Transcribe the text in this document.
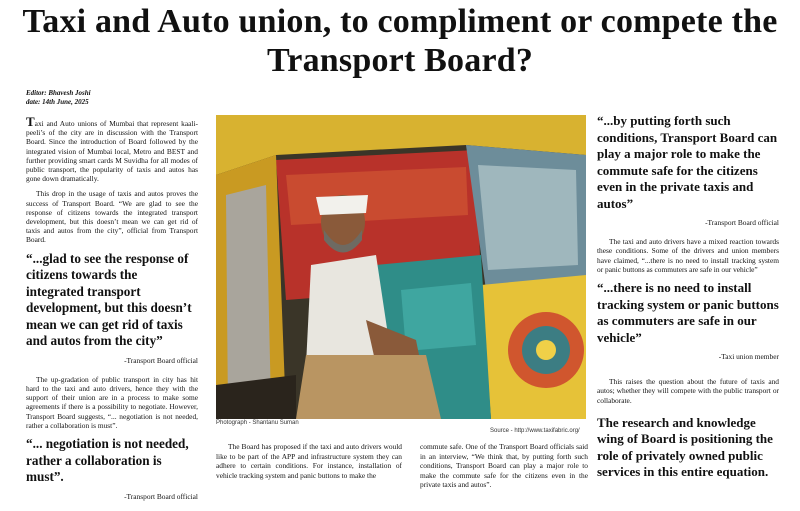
Taxi and Auto union, to compliment or compete the Transport Board?
Editor: Bhavesh Joshi
date: 14th June, 2025

Taxi and Auto unions of Mumbai that represent kaali-peeli’s of the city are in discussion with the Transport Board. Since the introduction of Board followed by the integrated vision of Mumbai local, Metro and BEST and further providing smart cards M Suvidha for all modes of public transport, the popularity of taxis and autos has gone down dramatically.

This drop in the usage of taxis and autos proves the success of Transport Board. “We are glad to see the response of citizens towards the integrated transport development, but this doesn’t mean we can get rid of taxis and autos from the city”, official from Transport Board.

“...glad to see the response of citizens towards the integrated transport development, but this doesn’t mean we can get rid of taxis and autos from the city”
-Transport Board official

The up-gradation of public transport in city has hit hard to the taxi and auto drivers, hence they with the support of their union are in a process to make some agreements if there is a possibility to negotiate. However, Transport Board suggests, “... negotiation is not needed, rather a collaboration is must”.

“... negotiation is not needed, rather a collaboration is must”.
-Transport Board official
Photograph - Shantanu Suman
Source - http://www.taxifabric.org/

The Board has proposed if the taxi and auto drivers would like to be part of the APP and infrastructure system they can adhere to certain conditions. For instance, installation of vehicle tracking system and panic buttons to make the

commute safe. One of the Transport Board officials said in an interview, “We think that, by putting forth such conditions, Transport Board can play a major role to make the commute safe for the citizens even in the private taxis and autos”.

“...by putting forth such conditions, Transport Board can play a major role to make the commute safe for the citizens even in the private taxis and autos”
-Transport Board official

The taxi and auto drivers have a mixed reaction towards these conditions. Some of the drivers and union members have claimed, “...there is no need to install tracking system or panic buttons as commuters are safe in our vehicle”

“...there is no need to install tracking system or panic buttons as commuters are safe in our vehicle”
-Taxi union member

This raises the question about the future of taxis and autos; whether they will compete with the public transport or collaborate.

The research and knowledge wing of Board is positioning the role of privately owned public services in this entire equation.
